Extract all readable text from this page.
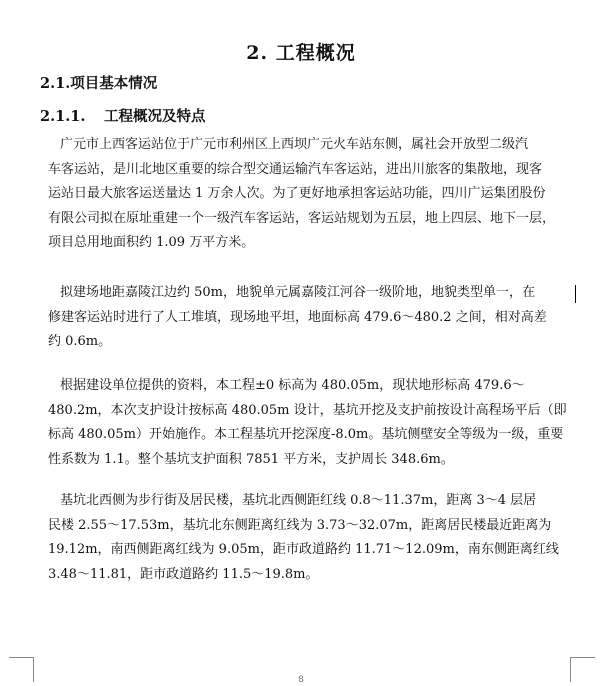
2. 工程概况
2.1.项目基本情况
2.1.1. 工程概况及特点

广元市上西客运站位于广元市利州区上西坝广元火车站东侧，属社会开放型二级汽
车客运站，是川北地区重要的综合型交通运输汽车客运站，进出川旅客的集散地，现客
运站日最大旅客运送量达 1 万余人次。为了更好地承担客运站功能，四川广运集团股份
有限公司拟在原址重建一个一级汽车客运站，客运站规划为五层，地上四层、地下一层，
项目总用地面积约 1.09 万平方米。

拟建场地距嘉陵江边约 50m，地貌单元属嘉陵江河谷一级阶地，地貌类型单一，在
修建客运站时进行了人工堆填，现场地平坦，地面标高 479.6～480.2 之间，相对高差
约 0.6m。

根据建设单位提供的资料，本工程±0 标高为 480.05m，现状地形标高 479.6～
480.2m，本次支护设计按标高 480.05m 设计，基坑开挖及支护前按设计高程场平后（即
标高 480.05m）开始施作。本工程基坑开挖深度-8.0m。基坑侧壁安全等级为一级，重要
性系数为 1.1。整个基坑支护面积 7851 平方米，支护周长 348.6m。

基坑北西侧为步行街及居民楼，基坑北西侧距红线 0.8～11.37m，距离 3～4 层居
民楼 2.55～17.53m，基坑北东侧距离红线为 3.73～32.07m，距离居民楼最近距离为
19.12m，南西侧距离红线为 9.05m，距市政道路约 11.71～12.09m，南东侧距离红线
3.48～11.81，距市政道路约 11.5～19.8m。

8
